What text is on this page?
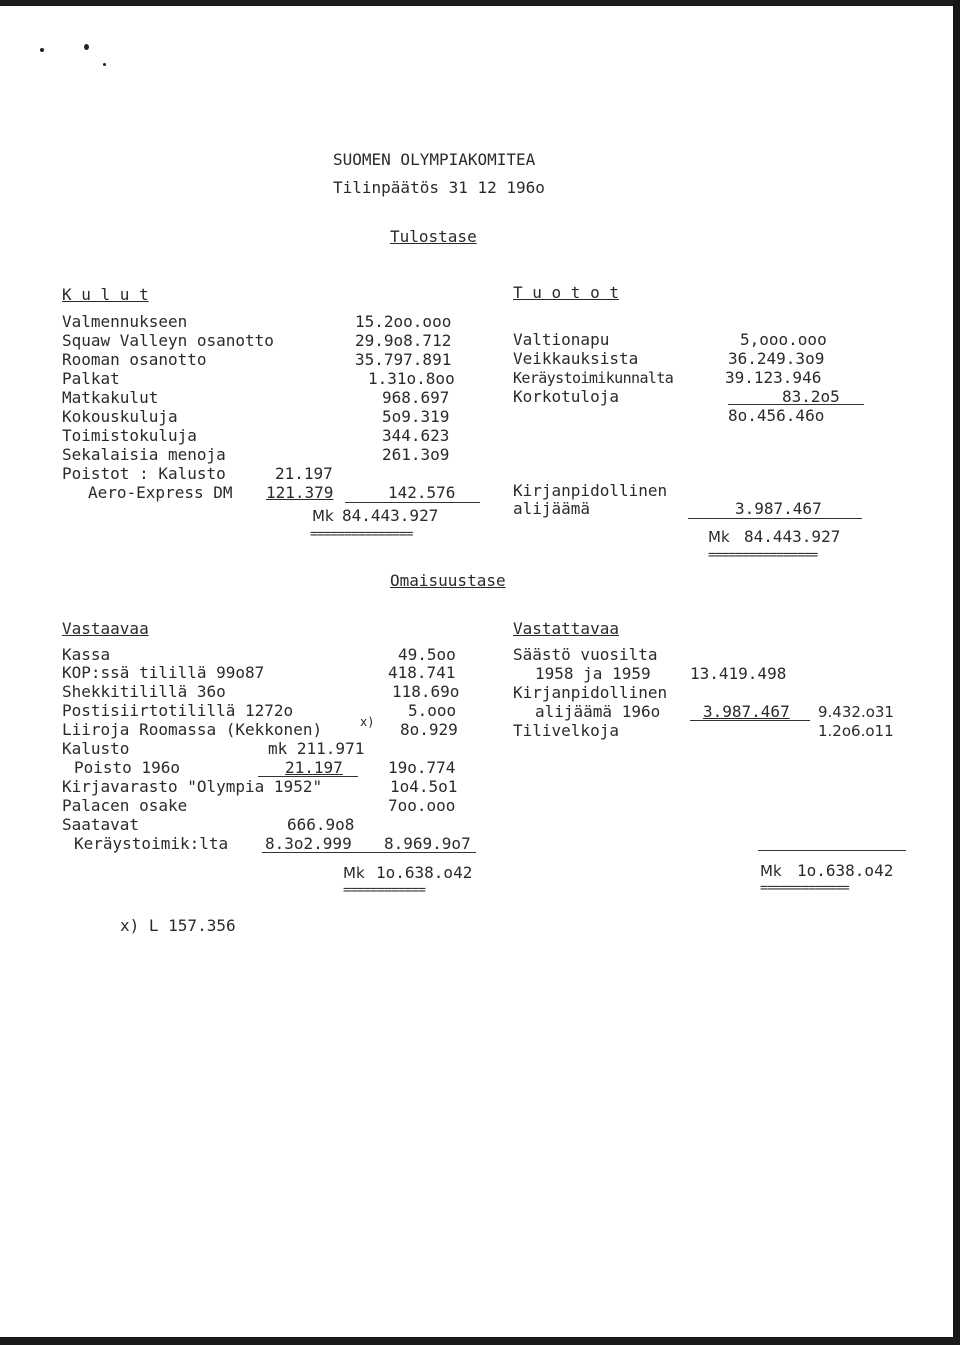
SUOMEN OLYMPIAKOMITEA
Tilinpäätös 31 12 196o
Tulostase
K u l u t
Valmennukseen	15.2oo.ooo
Squaw Valleyn osanotto	29.9o8.712
Rooman osanotto	35.797.891
Palkat	1.31o.8oo
Matkakulut	968.697
Kokouskuluja	5o9.319
Toimistokuluja	344.623
Sekalaisia menoja	261.3o9
Poistot : Kalusto	21.197
Aero-Express DM 121.379	142.576
Mk 84.443.927
===============
T u o t o t
Valtionapu	5,ooo.ooo
Veikkauksista	36.249.3o9
Keräystoimikunnalta	39.123.946
Korkotuloja	83.2o5
8o.456.46o
Kirjanpidollinen
alijäämä	3.987.467
Mk 84.443.927
================
Omaisuustase
Vastaavaa
Kassa	49.5oo
KOP:ssä tilillä 99o87	418.741
Shekkitilillä 36o	118.69o
Postisiirtotilillä 1272o	5.ooo
Liiroja Roomassa (Kekkonen)	x) 8o.929
Kalusto	mk 211.971
Poisto 196o	21.197	19o.774
Kirjavarasto "Olympia 1952"	1o4.5o1
Palacen osake	7oo.ooo
Saatavat	666.9o8
Keräystoimik:lta 8.3o2.999 8.969.9o7
Mk 1o.638.o42
============
Vastattavaa
Säästö vuosilta
1958 ja 1959 13.419.498
Kirjanpidollinen
alijäämä 196o	3.987.467 9.432.o31
Tilivelkoja	1.2o6.o11
Mk 1o.638.o42
=============
x) L 157.356
